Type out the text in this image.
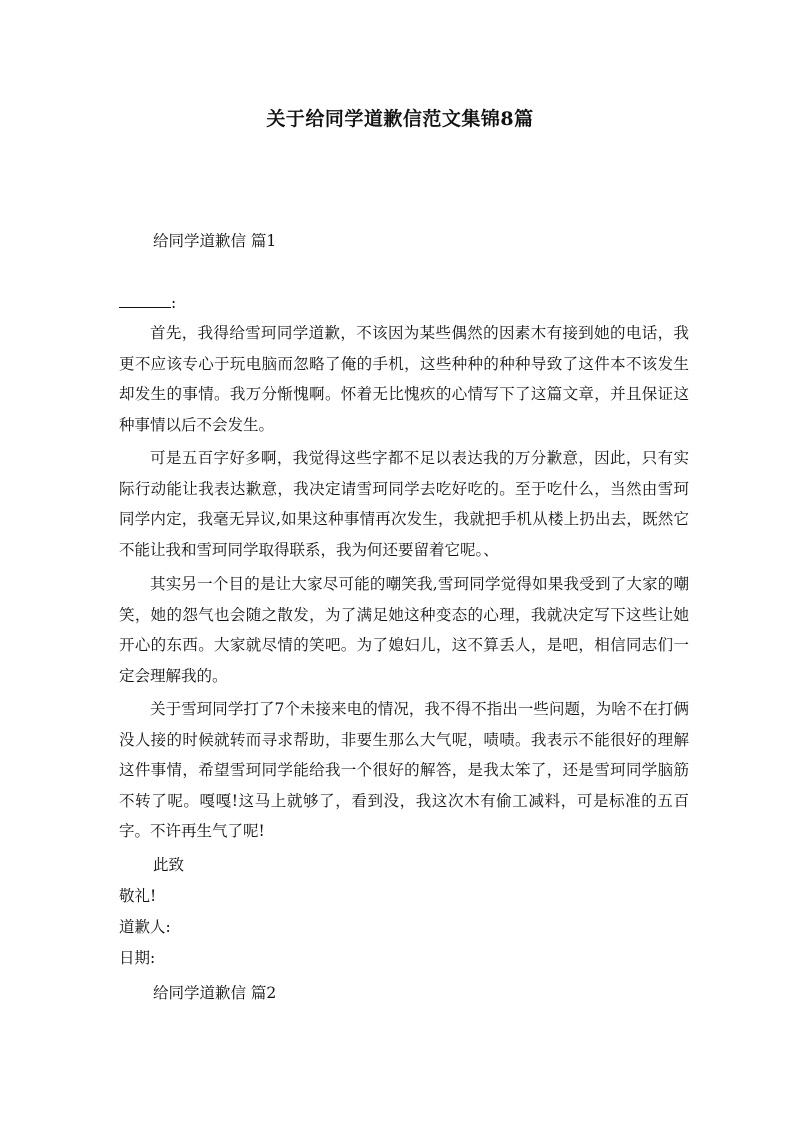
关于给同学道歉信范文集锦8篇
给同学道歉信 篇1
:
首先，我得给雪珂同学道歉，不该因为某些偶然的因素木有接到她的电话，我更不应该专心于玩电脑而忽略了俺的手机，这些种种的种种导致了这件本不该发生却发生的事情。我万分惭愧啊。怀着无比愧疚的心情写下了这篇文章，并且保证这种事情以后不会发生。
可是五百字好多啊，我觉得这些字都不足以表达我的万分歉意，因此，只有实际行动能让我表达歉意，我决定请雪珂同学去吃好吃的。至于吃什么，当然由雪珂同学内定，我毫无异议,如果这种事情再次发生，我就把手机从楼上扔出去，既然它不能让我和雪珂同学取得联系，我为何还要留着它呢。、
其实另一个目的是让大家尽可能的嘲笑我,雪珂同学觉得如果我受到了大家的嘲笑，她的怨气也会随之散发，为了满足她这种变态的心理，我就决定写下这些让她开心的东西。大家就尽情的笑吧。为了媳妇儿，这不算丢人，是吧，相信同志们一定会理解我的。
关于雪珂同学打了7个未接来电的情况，我不得不指出一些问题，为啥不在打俩没人接的时候就转而寻求帮助，非要生那么大气呢，啧啧。我表示不能很好的理解这件事情，希望雪珂同学能给我一个很好的解答，是我太笨了，还是雪珂同学脑筋不转了呢。嘎嘎!这马上就够了，看到没，我这次木有偷工减料，可是标准的五百字。不许再生气了呢!
此致
敬礼!
道歉人:
日期:
给同学道歉信 篇2
